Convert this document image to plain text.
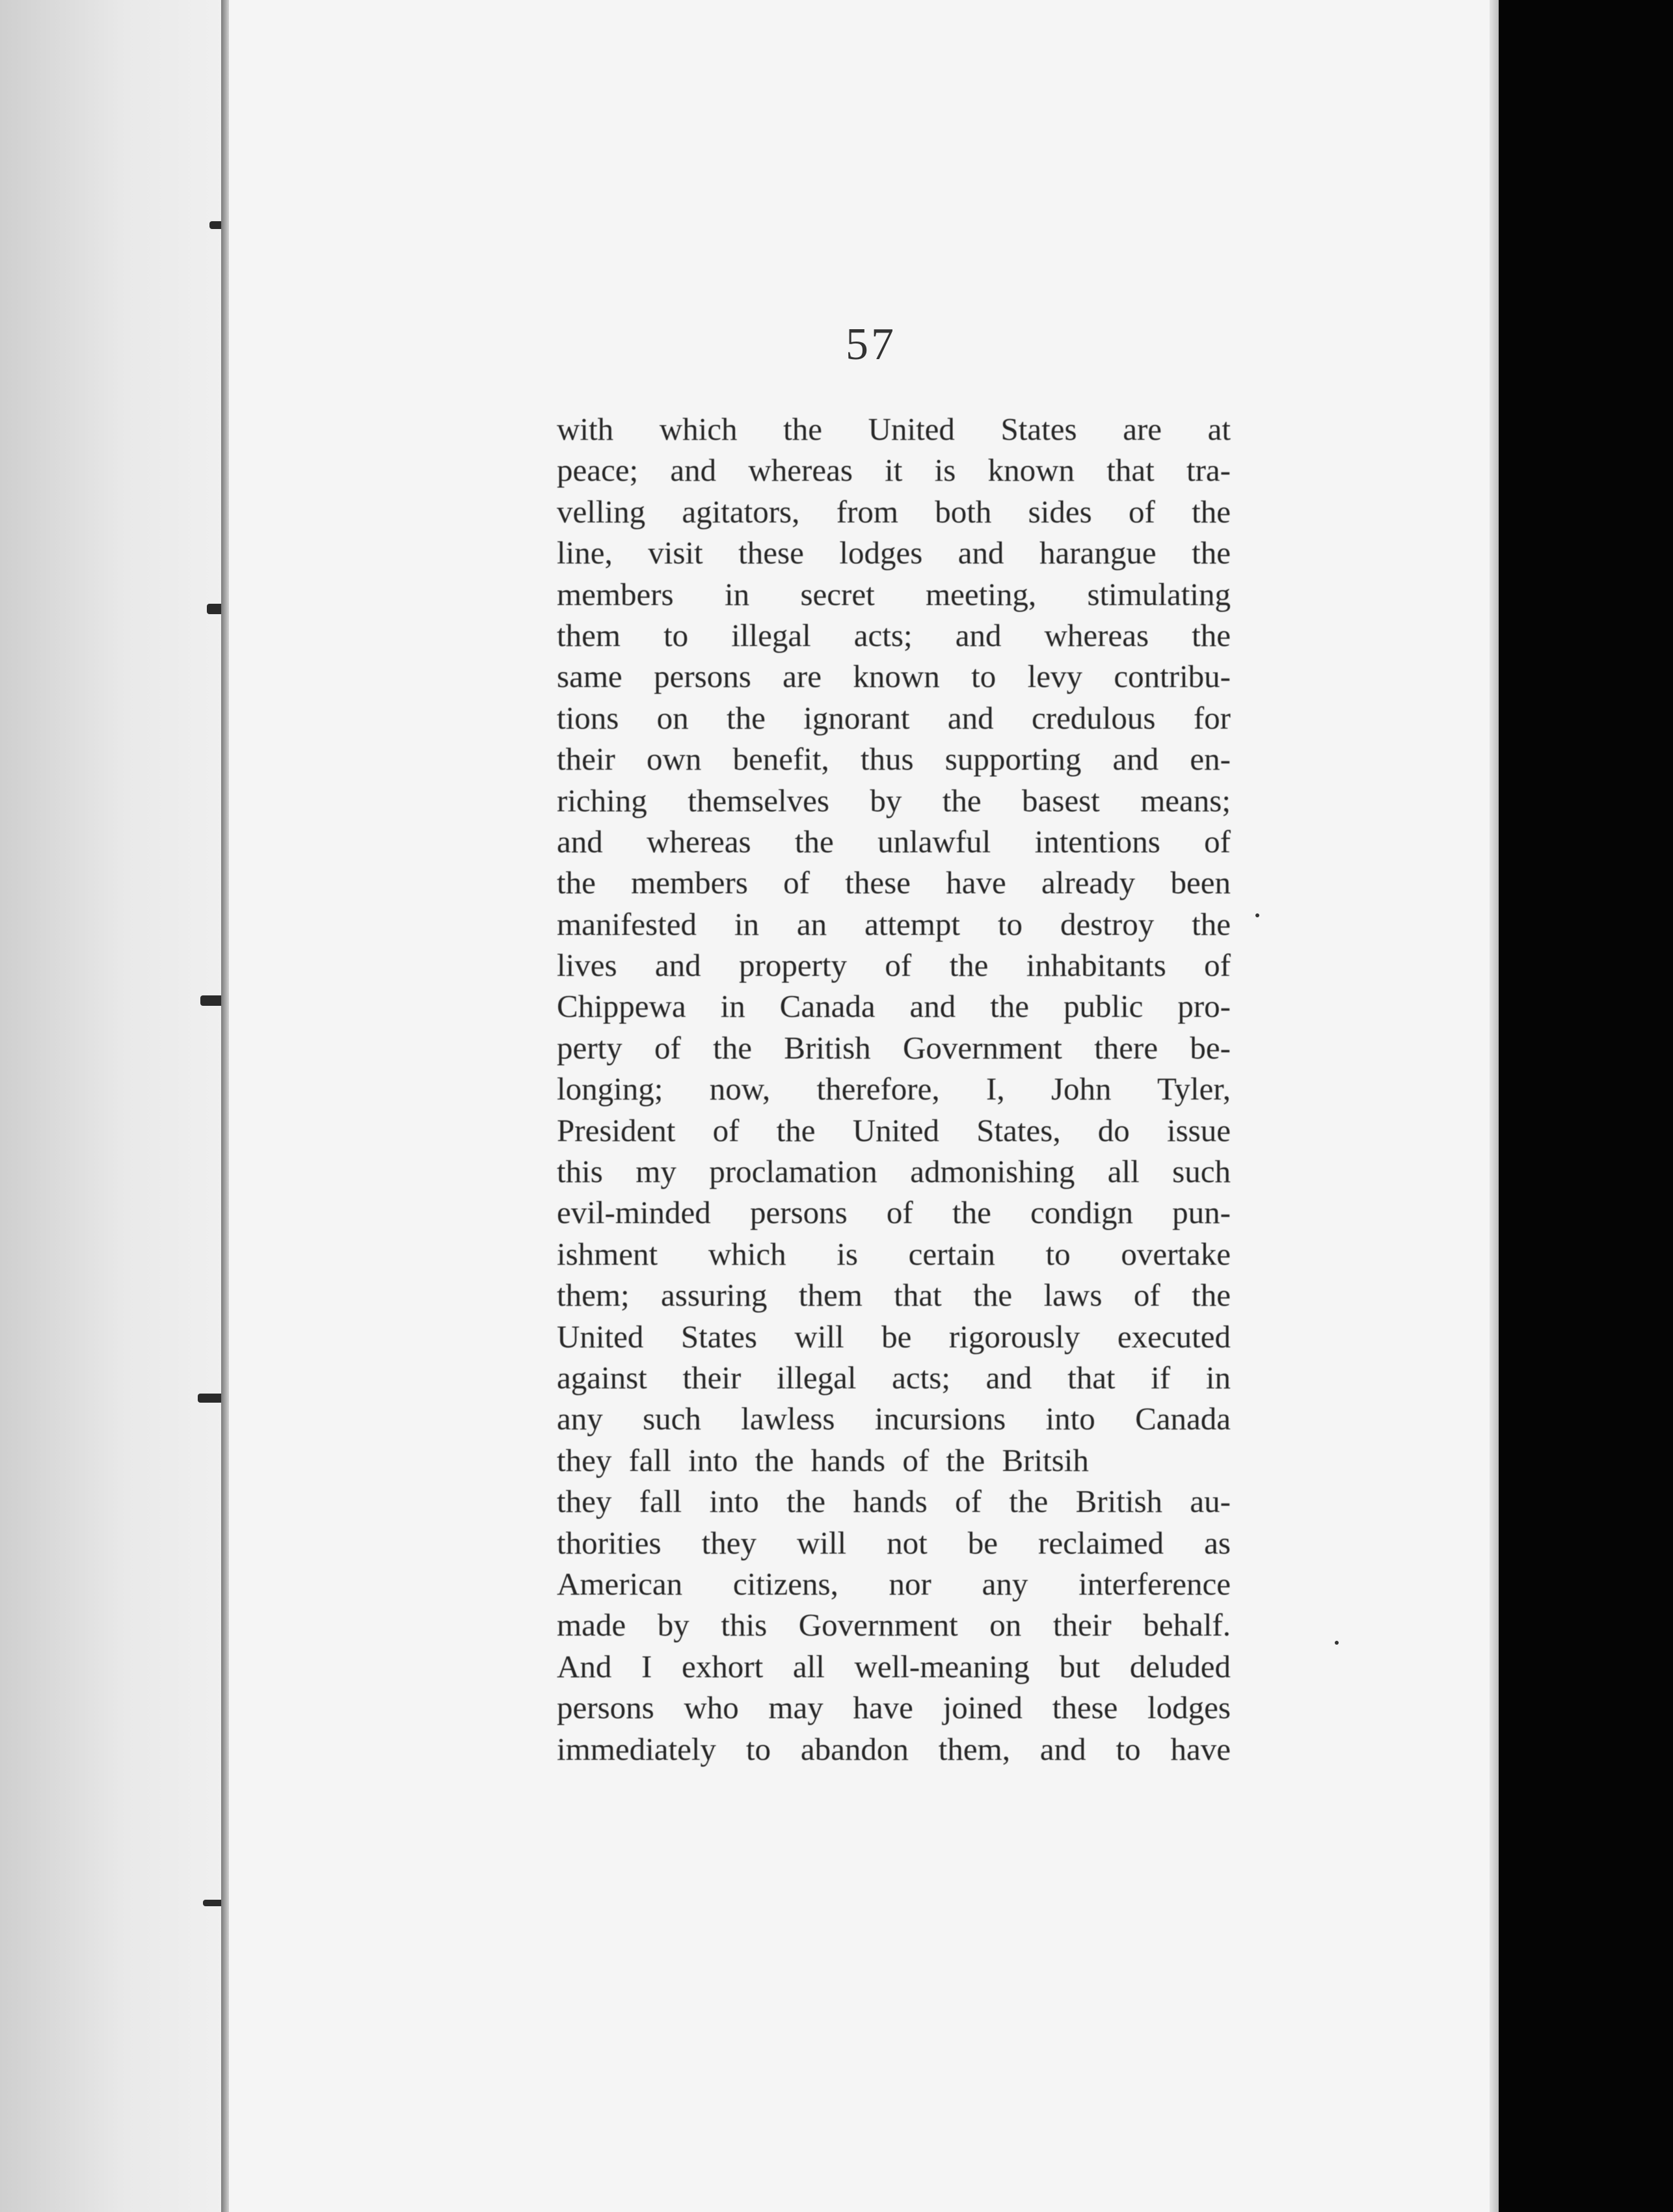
57
with which the United States are at
peace; and whereas it is known that tra-
velling agitators, from both sides of the
line, visit these lodges and harangue the
members in secret meeting, stimulating
them to illegal acts; and whereas the
same persons are known to levy contribu-
tions on the ignorant and credulous for
their own benefit, thus supporting and en-
riching themselves by the basest means;
and whereas the unlawful intentions of
the members of these have already been
manifested in an attempt to destroy the
lives and property of the inhabitants of
Chippewa in Canada and the public pro-
perty of the British Government there be-
longing; now, therefore, I, John Tyler,
President of the United States, do issue
this my proclamation admonishing all such
evil-minded persons of the condign pun-
ishment which is certain to overtake
them; assuring them that the laws of the
United States will be rigorously executed
against their illegal acts; and that if in
any such lawless incursions into Canada
they fall into the hands of the Britsih
they fall into the hands of the British au-
thorities they will not be reclaimed as
American citizens, nor any interference
made by this Government on their behalf.
And I exhort all well-meaning but deluded
persons who may have joined these lodges
immediately to abandon them, and to have
